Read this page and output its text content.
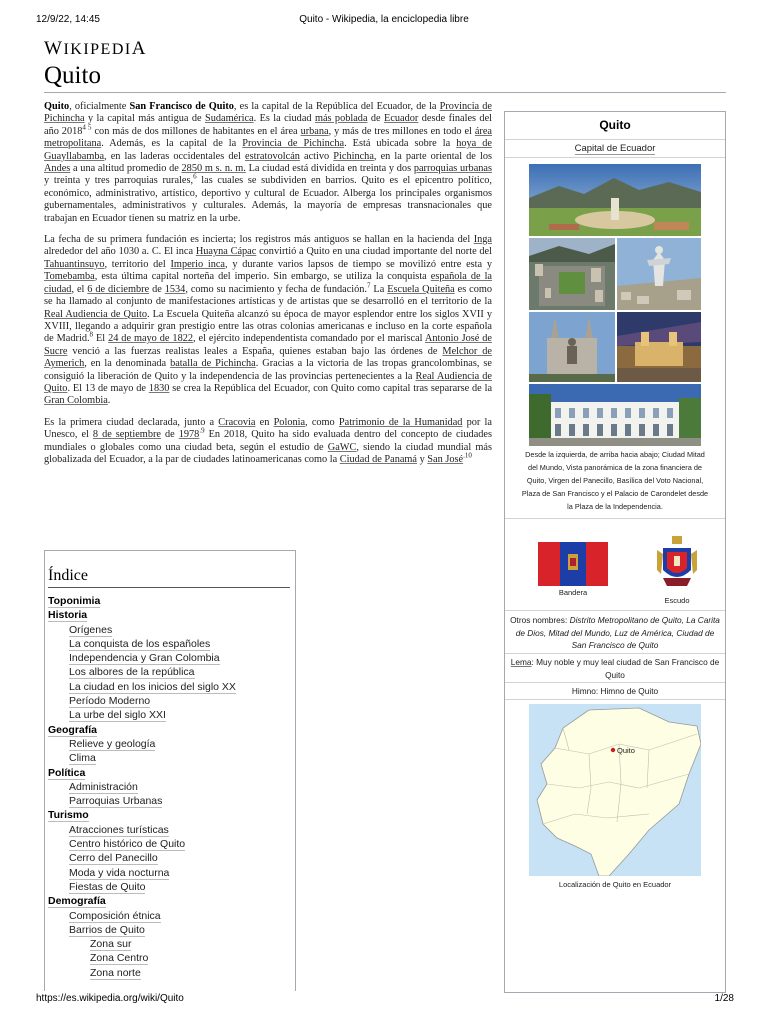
12/9/22, 14:45	Quito - Wikipedia, la enciclopedia libre
WIKIPEDIA
Quito

Quito, oficialmente San Francisco de Quito, es la capital de la República del Ecuador, de la Provincia de Pichincha y la capital más antigua de Sudamérica. Es la ciudad más poblada de Ecuador desde finales del año $2018^{4 5}$ con más de dos millones de habitantes en el área urbana, y más de tres millones en todo el área metropolitana. Además, es la capital de la Provincia de Pichincha. Está ubicada sobre la hoya de Guayllabamba, en las laderas occidentales del estratovolcán activo Pichincha, en la parte oriental de los Andes a una altitud promedio de 2850 m s. n. m. La ciudad está dividida en treinta y dos parroquias urbanas y treinta y tres parroquias rurales,$^6$ las cuales se subdividen en barrios. Quito es el epicentro político, económico, administrativo, artístico, deportivo y cultural de Ecuador. Alberga los principales organismos gubernamentales, administrativos y culturales. Además, la mayoría de empresas transnacionales que trabajan en Ecuador tienen su matriz en la urbe.

La fecha de su primera fundación es incierta; los registros más antiguos se hallan en la hacienda del Inga alrededor del año 1030 a. C. El inca Huayna Cápac convirtió a Quito en una ciudad importante del norte del Tahuantinsuyo, territorio del Imperio inca, y durante varios lapsos de tiempo se movilizó entre esta y Tomebamba, esta última capital norteña del imperio. Sin embargo, se utiliza la conquista española de la ciudad, el 6 de diciembre de 1534, como su nacimiento y fecha de fundación.$^7$ La Escuela Quiteña es como se ha llamado al conjunto de manifestaciones artísticas y de artistas que se desarrolló en el territorio de la Real Audiencia de Quito. La Escuela Quiteña alcanzó su época de mayor esplendor entre los siglos XVII y XVIII, llegando a adquirir gran prestigio entre las otras colonias americanas e incluso en la corte española de Madrid.$^8$ El 24 de mayo de 1822, el ejército independentista comandado por el mariscal Antonio José de Sucre venció a las fuerzas realistas leales a España, quienes estaban bajo las órdenes de Melchor de Aymerich, en la denominada batalla de Pichincha. Gracias a la victoria de las tropas grancolombinas, se consiguió la liberación de Quito y la independencia de las provincias pertenecientes a la Real Audiencia de Quito. El 13 de mayo de 1830 se crea la República del Ecuador, con Quito como capital tras separarse de la Gran Colombia.

Es la primera ciudad declarada, junto a Cracovia en Polonia, como Patrimonio de la Humanidad por la Unesco, el 8 de septiembre de $1978^{.9}$ En 2018, Quito ha sido evaluada dentro del concepto de ciudades mundiales o globales como una ciudad beta, según el estudio de GaWC, siendo la ciudad mundial más globalizada del Ecuador, a la par de ciudades latinoamericanas como la Ciudad de Panamá y San José$^{.10}$

Índice
Toponimia
Historia
Orígenes
La conquista de los españoles
Independencia y Gran Colombia
Los albores de la república
La ciudad en los inicios del siglo XX
Período Moderno
La urbe del siglo XXI
Geografía
Relieve y geología
Clima
Política
Administración
Parroquias Urbanas
Turismo
Atracciones turísticas
Centro histórico de Quito
Cerro del Panecillo
Moda y vida nocturna
Fiestas de Quito
Demografía
Composición étnica
Barrios de Quito
Zona sur
Zona Centro
Zona norte
Quito
Capital de Ecuador
Desde la izquierda, de arriba hacia abajo; Ciudad Mitad
del Mundo, Vista panorámica de la zona financiera de
Quito, Virgen del Panecillo, Basílica del Voto Nacional,
Plaza de San Francisco y el Palacio de Carondelet desde
la Plaza de la Independencia.
Bandera
Escudo
Otros nombres: Distrito Metropolitano de Quito, La Carita de Dios, Mitad del Mundo, Luz de América, Ciudad de San Francisco de Quito
Lema: Muy noble y muy leal ciudad de San Francisco de Quito
Himno: Himno de Quito
Quito
Localización de Quito en Ecuador
https://es.wikipedia.org/wiki/Quito	1/28
